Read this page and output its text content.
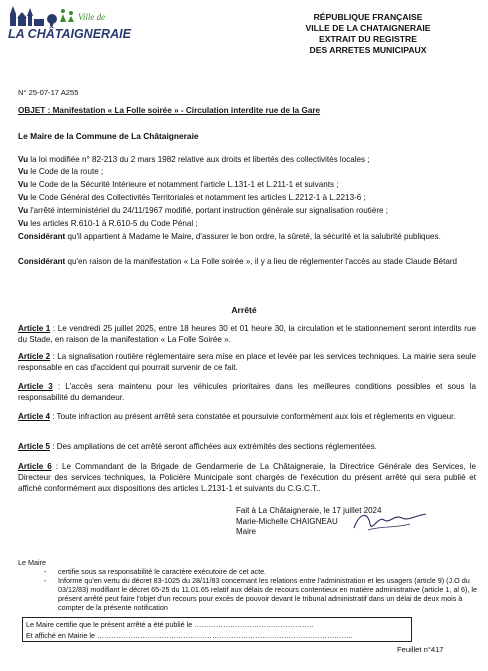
Ville de
LA CHÂTAIGNERAIE
RÉPUBLIQUE FRANÇAISE
VILLE DE LA CHATAIGNERAIE
EXTRAIT DU REGISTRE
DES ARRETES MUNICIPAUX
N° 25-07-17 A255
OBJET : Manifestation « La Folle soirée » - Circulation interdite rue de la Gare
Le Maire de la Commune de La Châtaigneraie
Vu la loi modifiée n° 82-213 du 2 mars 1982 relative aux droits et libertés des collectivités locales ;
Vu le Code de la route ;
Vu le Code de la Sécurité Intérieure et notamment l'article L.131-1 et L.211-1 et suivants ;
Vu le Code Général des Collectivités Territoriales et notamment les articles L.2212-1 à L.2213-6 ;
Vu l'arrêté interministériel du 24/11/1967 modifié, portant instruction générale sur signalisation routière ;
Vu les articles R.610-1 à R.610-5 du Code Pénal ;
Considérant qu'il appartient à Madame le Maire, d'assurer le bon ordre, la sûreté, la sécurité et la salubrité publiques.
Considérant qu'en raison de la manifestation « La Folle soirée », il y a lieu de réglementer l'accès au stade Claude Bétard
Arrêté
Article 1 : Le vendredi 25 juillet 2025, entre 18 heures 30 et 01 heure 30, la circulation et le stationnement seront interdits rue du Stade, en raison de la manifestation « La Folle Soirée ».
Article 2 : La signalisation routière réglementaire sera mise en place et levée par les services techniques. La mairie sera seule responsable en cas d'accident qui pourrait survenir de ce fait.
Article 3 : L'accès sera maintenu pour les véhicules prioritaires dans les meilleures conditions possibles et sous la responsabilité du demandeur.
Article 4 : Toute infraction au présent arrêté sera constatée et poursuivie conformément aux lois et règlements en vigueur.
Article 5 : Des ampliations de cet arrêté seront affichées aux extrémités des sections réglementées.
Article 6 : Le Commandant de la Brigade de Gendarmerie de La Châtaigneraie, la Directrice Générale des Services, le Directeur des services techniques, la Policière Municipale sont chargés de l'exécution du présent arrêté qui sera publié et affiché conformément aux dispositions des articles L.2131-1 et suivants du C.G.C.T..
Fait à La Châtaigneraie, le 17 juillet 2024
Marie-Michelle CHAIGNEAU
Maire
Le Maire
- certifie sous sa responsabilité le caractère exécutoire de cet acte.
- Informe qu'en vertu du décret 83-1025 du 28/11/83 concernant les relations entre l'administration et les usagers (article 9) (J.O du 03/12/83) modifiant le décret 65-25 du 11.01.65 relatif aux délais de recours contentieux en matière administrative (article 1, al 6), le présent arrêté peut faire l'objet d'un recours pour excès de pouvoir devant le tribunal administratif dans un délai de deux mois à compter de la présente notification
Le Maire certifie que le présent arrêté a été publié le …………………………………………..
Et affiché en Mairie le ……………………………………………………………………………………………..
Feuillet n°417
